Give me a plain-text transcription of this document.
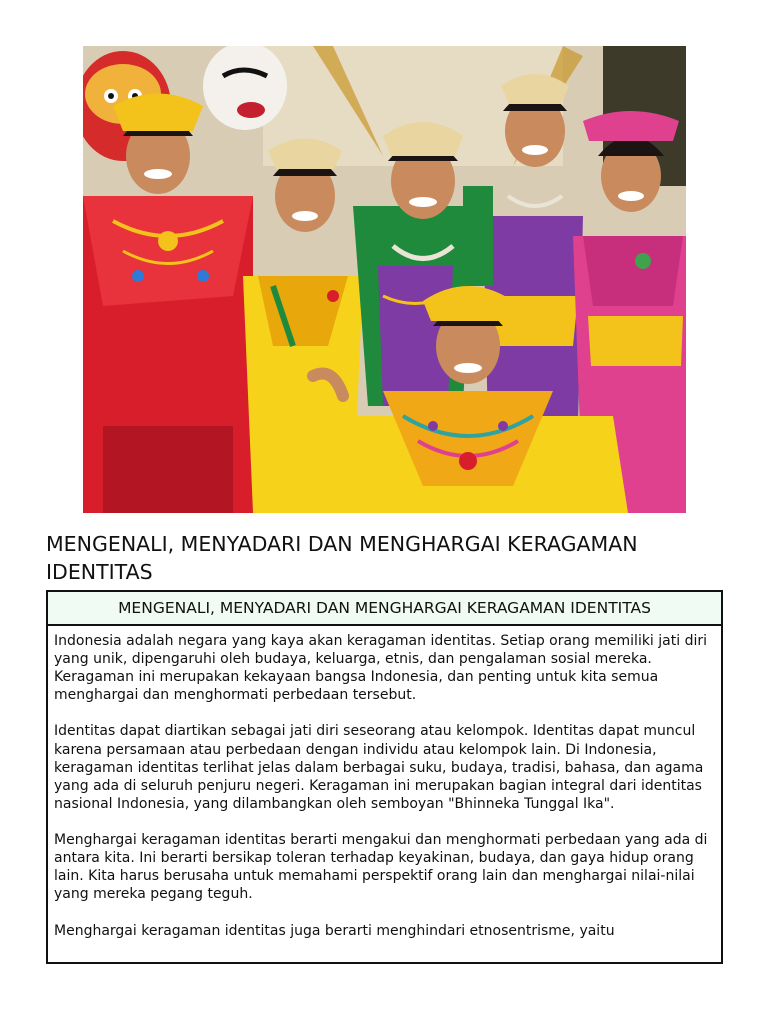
MENGENALI, MENYADARI DAN MENGHARGAI KERAGAMAN IDENTITAS
MENGENALI, MENYADARI DAN MENGHARGAI KERAGAMAN IDENTITAS

Indonesia adalah negara yang kaya akan keragaman identitas. Setiap orang memiliki jati diri yang unik, dipengaruhi oleh budaya, keluarga, etnis, dan pengalaman sosial mereka. Keragaman ini merupakan kekayaan bangsa Indonesia, dan penting untuk kita semua menghargai dan menghormati perbedaan tersebut.

Identitas dapat diartikan sebagai jati diri seseorang atau kelompok. Identitas dapat muncul karena persamaan atau perbedaan dengan individu atau kelompok lain. Di Indonesia, keragaman identitas terlihat jelas dalam berbagai suku, budaya, tradisi, bahasa, dan agama yang ada di seluruh penjuru negeri. Keragaman ini merupakan bagian integral dari identitas nasional Indonesia, yang dilambangkan oleh semboyan "Bhinneka Tunggal Ika".

Menghargai keragaman identitas berarti mengakui dan menghormati perbedaan yang ada di antara kita. Ini berarti bersikap toleran terhadap keyakinan, budaya, dan gaya hidup orang lain. Kita harus berusaha untuk memahami perspektif orang lain dan menghargai nilai-nilai yang mereka pegang teguh.

Menghargai keragaman identitas juga berarti menghindari etnosentrisme, yaitu
